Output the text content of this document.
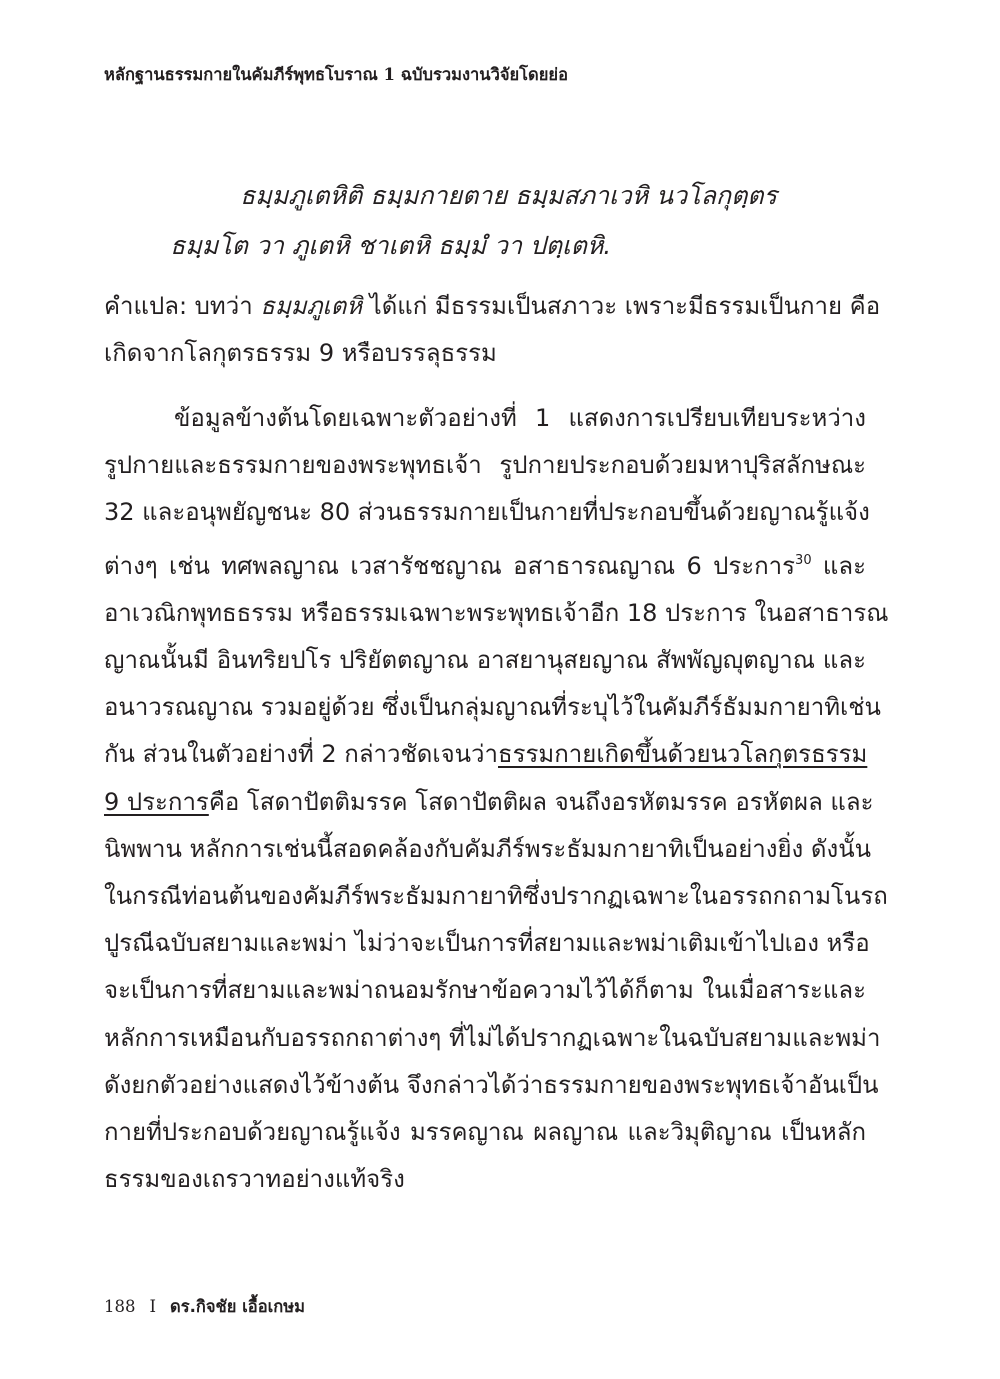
หลักฐานธรรมกายในคัมภีร์พุทธโบราณ 1 ฉบับรวมงานวิจัยโดยย่อ
ธมฺมภูเตหิติ ธมฺมกายตาย ธมฺมสภาเวหิ นวโลกุตฺตร
ธมฺมโต วา ภูเตหิ ชาเตหิ ธมฺมํ วา ปตฺเตหิ.
คำแปล: บทว่า ธมฺมภูเตหิ ได้แก่ มีธรรมเป็นสภาวะ เพราะมีธรรมเป็นกาย คือ
เกิดจากโลกุตรธรรม 9 หรือบรรลุธรรม
ข้อมูลข้างต้นโดยเฉพาะตัวอย่างที่ 1 แสดงการเปรียบเทียบระหว่าง
รูปกายและธรรมกายของพระพุทธเจ้า รูปกายประกอบด้วยมหาปุริสลักษณะ
32 และอนุพยัญชนะ 80 ส่วนธรรมกายเป็นกายที่ประกอบขึ้นด้วยญาณรู้แจ้ง
ต่างๆ เช่น ทศพลญาณ เวสารัชชญาณ อสาธารณญาณ 6 ประการ$^{30}$ และ
อาเวณิกพุทธธรรม หรือธรรมเฉพาะพระพุทธเจ้าอีก 18 ประการ ในอสาธารณ
ญาณนั้นมี อินทริยปโร ปริยัตตญาณ อาสยานุสยญาณ สัพพัญญุตญาณ และ
อนาวรณญาณ รวมอยู่ด้วย ซึ่งเป็นกลุ่มญาณที่ระบุไว้ในคัมภีร์ธัมมกายาทิเช่น
กัน ส่วนในตัวอย่างที่ 2 กล่าวชัดเจนว่าธรรมกายเกิดขึ้นด้วยนวโลกุตรธรรม
9 ประการคือ โสดาปัตติมรรค โสดาปัตติผล จนถึงอรหัตมรรค อรหัตผล และ
นิพพาน หลักการเช่นนี้สอดคล้องกับคัมภีร์พระธัมมกายาทิเป็นอย่างยิ่ง ดังนั้น
ในกรณีท่อนต้นของคัมภีร์พระธัมมกายาทิซึ่งปรากฏเฉพาะในอรรถกถามโนรถ
ปูรณีฉบับสยามและพม่า ไม่ว่าจะเป็นการที่สยามและพม่าเติมเข้าไปเอง หรือ
จะเป็นการที่สยามและพม่าถนอมรักษาข้อความไว้ได้ก็ตาม ในเมื่อสาระและ
หลักการเหมือนกับอรรถกถาต่างๆ ที่ไม่ได้ปรากฏเฉพาะในฉบับสยามและพม่า
ดังยกตัวอย่างแสดงไว้ข้างต้น จึงกล่าวได้ว่าธรรมกายของพระพุทธเจ้าอันเป็น
กายที่ประกอบด้วยญาณรู้แจ้ง มรรคญาณ ผลญาณ และวิมุติญาณ เป็นหลัก
ธรรมของเถรวาทอย่างแท้จริง
188 I ดร.กิจชัย เอื้อเกษม
